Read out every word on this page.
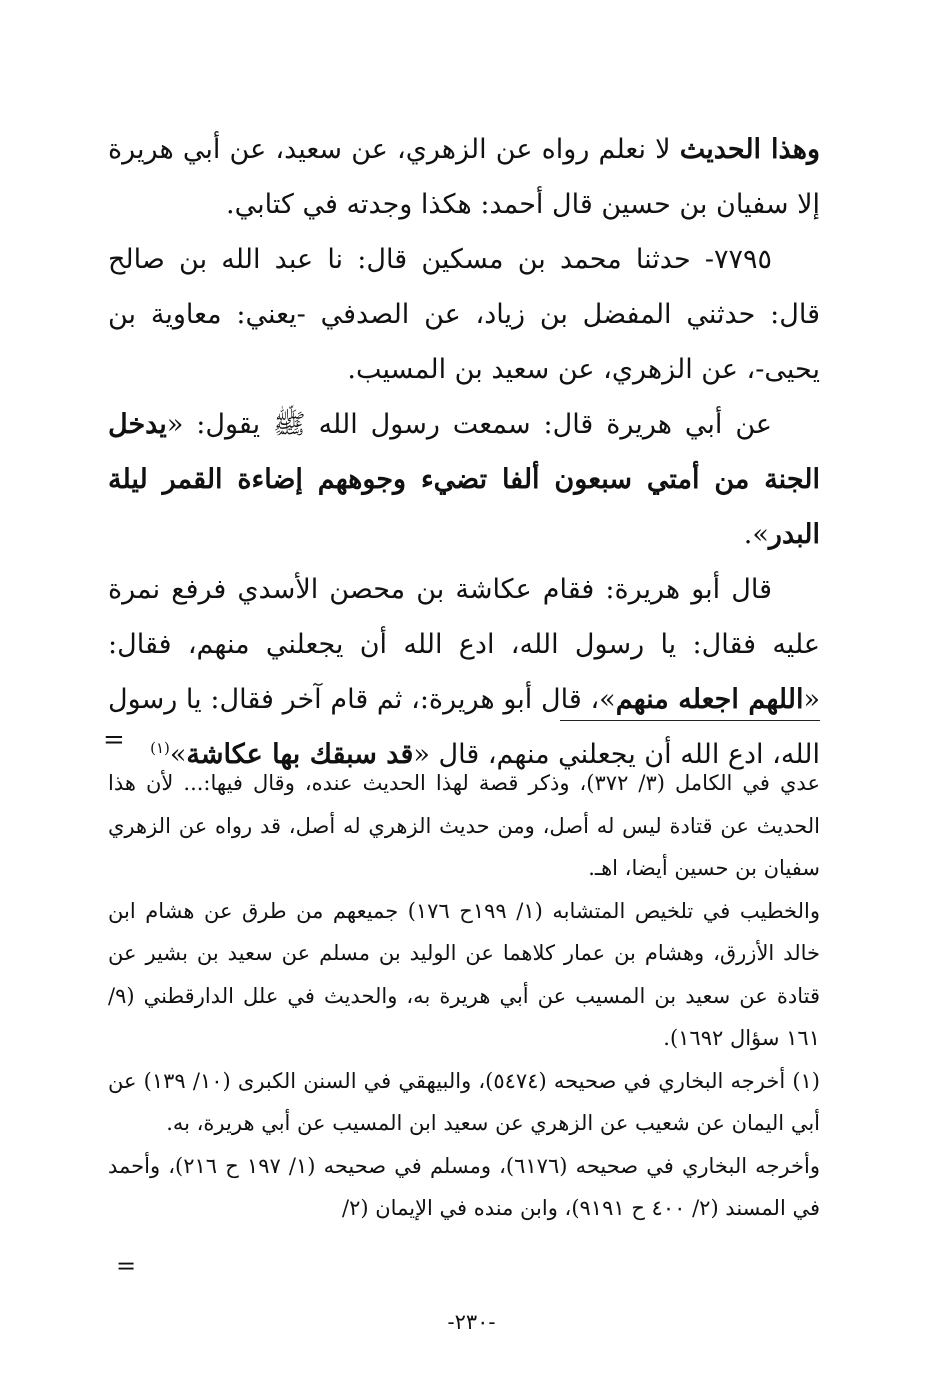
وهذا الحديث لا نعلم رواه عن الزهري، عن سعيد، عن أبي هريرة إلا سفيان بن حسين قال أحمد: هكذا وجدته في كتابي.

٧٧٩٥- حدثنا محمد بن مسكين قال: نا عبد الله بن صالح قال: حدثني المفضل بن زياد، عن الصدفي -يعني: معاوية بن يحيى-، عن الزهري، عن سعيد بن المسيب.

عن أبي هريرة قال: سمعت رسول الله ﷺ يقول: «يدخل الجنة من أمتي سبعون ألفا تضيء وجوههم إضاءة القمر ليلة البدر».

قال أبو هريرة: فقام عكاشة بن محصن الأسدي فرفع نمرة عليه فقال: يا رسول الله، ادع الله أن يجعلني منهم، فقال: «اللهم اجعله منهم»، قال أبو هريرة:، ثم قام آخر فقال: يا رسول الله، ادع الله أن يجعلني منهم، قال «قد سبقك بها عكاشة»$^{(١)}$

=

عدي في الكامل (٣/ ٣٧٢)، وذكر قصة لهذا الحديث عنده، وقال فيها:... لأن هذا الحديث عن قتادة ليس له أصل، ومن حديث الزهري له أصل، قد رواه عن الزهري سفيان بن حسين أيضا، اهـ.

والخطيب في تلخيص المتشابه (١/ ١٩٩ح ١٧٦) جميعهم من طرق عن هشام ابن خالد الأزرق، وهشام بن عمار كلاهما عن الوليد بن مسلم عن سعيد بن بشير عن قتادة عن سعيد بن المسيب عن أبي هريرة به، والحديث في علل الدارقطني (٩/ ١٦١ سؤال ١٦٩٢).

(١) أخرجه البخاري في صحيحه (٥٤٧٤)، والبيهقي في السنن الكبرى (١٠/ ١٣٩) عن أبي اليمان عن شعيب عن الزهري عن سعيد ابن المسيب عن أبي هريرة، به.

وأخرجه البخاري في صحيحه (٦١٧٦)، ومسلم في صحيحه (١/ ١٩٧ ح ٢١٦)، وأحمد في المسند (٢/ ٤٠٠ ح ٩١٩١)، وابن منده في الإيمان (٢/

=
-٢٣٠-
